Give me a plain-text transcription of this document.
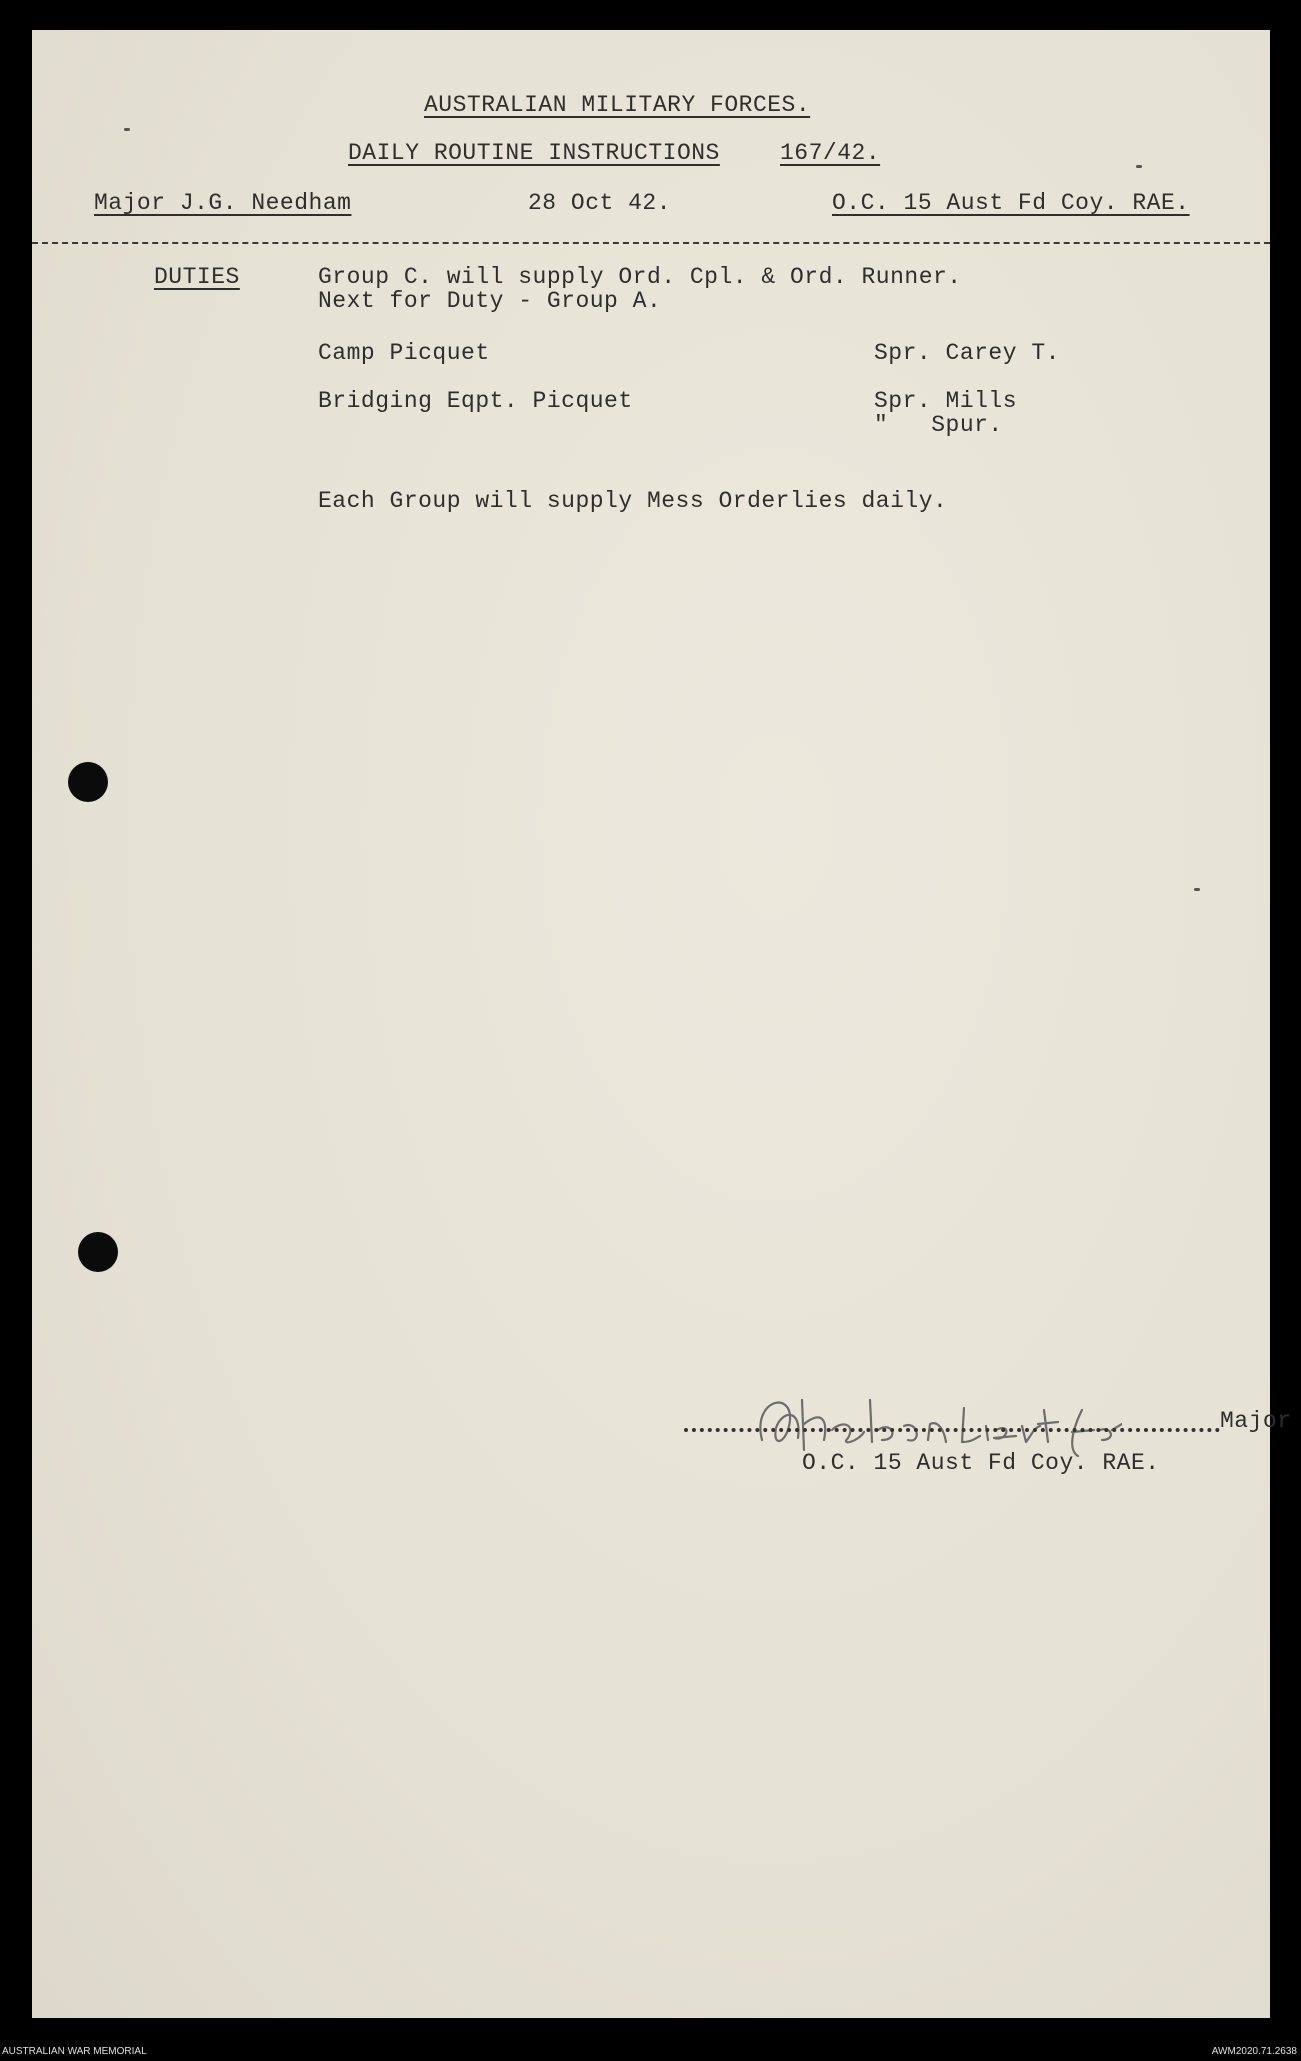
AUSTRALIAN MILITARY FORCES.
DAILY ROUTINE INSTRUCTIONS	167/42.
Major J.G. Needham	28 Oct 42.	O.C. 15 Aust Fd Coy. RAE.
DUTIES	Group C. will supply Ord. Cpl. & Ord. Runner.
Next for Duty - Group A.
Camp Picquet	Spr. Carey T.
Bridging Eqpt. Picquet	Spr. Mills
"   Spur.
Each Group will supply Mess Orderlies daily.
Major
O.C. 15 Aust Fd Coy. RAE.
AUSTRALIAN WAR MEMORIAL	AWM2020.71.2638
